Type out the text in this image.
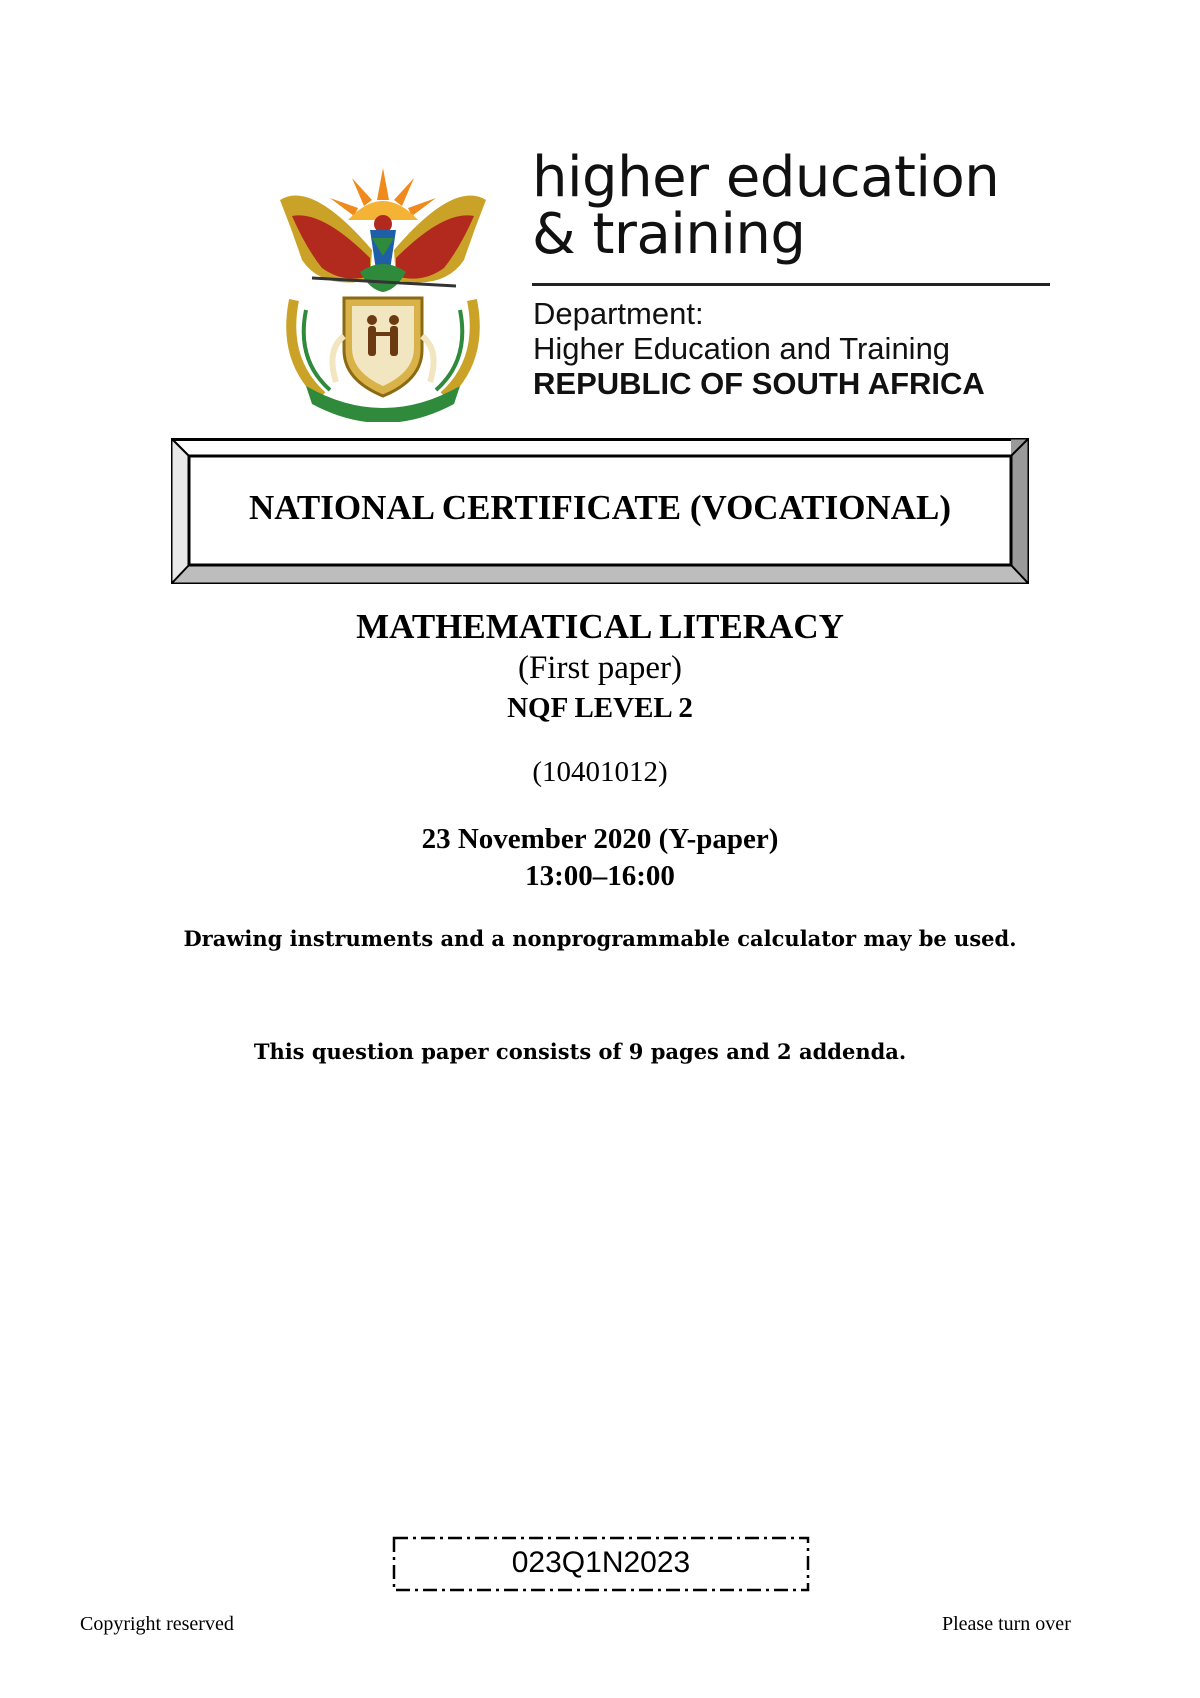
higher education
& training
Department:
Higher Education and Training
REPUBLIC OF SOUTH AFRICA
NATIONAL CERTIFICATE (VOCATIONAL)
MATHEMATICAL LITERACY
(First paper)
NQF LEVEL 2
(10401012)
23 November 2020 (Y-paper)
13:00–16:00
Drawing instruments and a nonprogrammable calculator may be used.
This question paper consists of 9 pages and 2 addenda.
023Q1N2023
Copyright reserved	Please turn over
